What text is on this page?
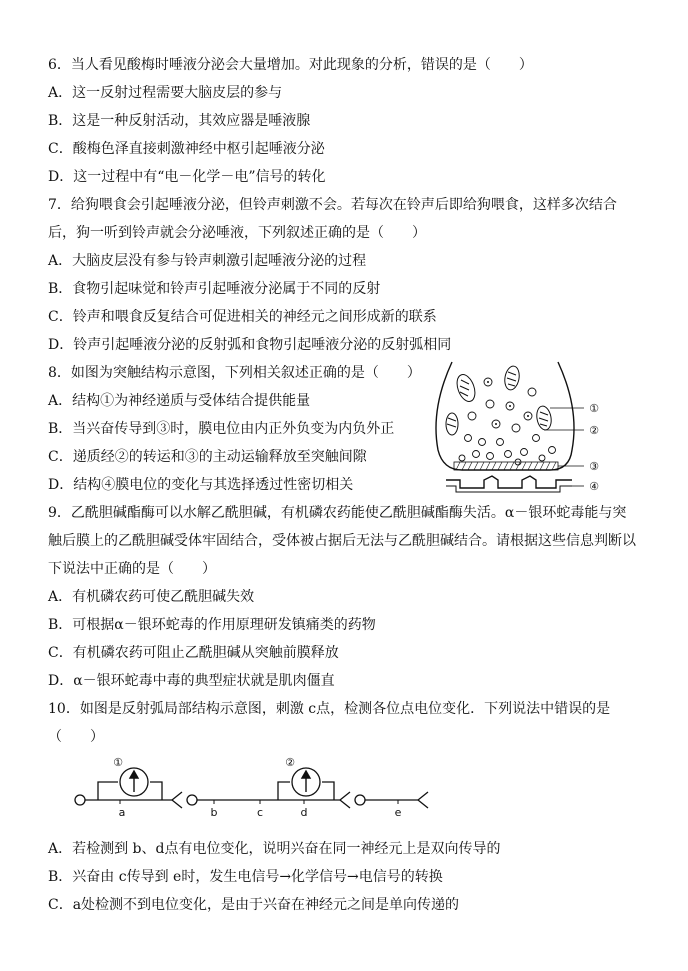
6．当人看见酸梅时唾液分泌会大量增加。对此现象的分析，错误的是（　　）
A．这一反射过程需要大脑皮层的参与
B．这是一种反射活动，其效应器是唾液腺
C．酸梅色泽直接刺激神经中枢引起唾液分泌
D．这一过程中有“电－化学－电”信号的转化
7．给狗喂食会引起唾液分泌，但铃声刺激不会。若每次在铃声后即给狗喂食，这样多次结合
后，狗一听到铃声就会分泌唾液，下列叙述正确的是（　　）
A．大脑皮层没有参与铃声刺激引起唾液分泌的过程
B．食物引起味觉和铃声引起唾液分泌属于不同的反射
C．铃声和喂食反复结合可促进相关的神经元之间形成新的联系
D．铃声引起唾液分泌的反射弧和食物引起唾液分泌的反射弧相同
8．如图为突触结构示意图，下列相关叙述正确的是（　　）
A．结构①为神经递质与受体结合提供能量
B．当兴奋传导到③时，膜电位由内正外负变为内负外正
C．递质经②的转运和③的主动运输释放至突触间隙
D．结构④膜电位的变化与其选择透过性密切相关
①
②
③
④
9．乙酰胆碱酯酶可以水解乙酰胆碱，有机磷农药能使乙酰胆碱酯酶失活。α－银环蛇毒能与突
触后膜上的乙酰胆碱受体牢固结合，受体被占据后无法与乙酰胆碱结合。请根据这些信息判断以
下说法中正确的是（　　）
A．有机磷农药可使乙酰胆碱失效
B．可根据α－银环蛇毒的作用原理研发镇痛类的药物
C．有机磷农药可阻止乙酰胆碱从突触前膜释放
D．α－银环蛇毒中毒的典型症状就是肌肉僵直
10．如图是反射弧局部结构示意图，刺激 c点，检测各位点电位变化．下列说法中错误的是
（　　）
①	②
a	b	c	d	e
A．若检测到 b、d点有电位变化，说明兴奋在同一神经元上是双向传导的
B．兴奋由 c传导到 e时，发生电信号→化学信号→电信号的转换
C．a处检测不到电位变化，是由于兴奋在神经元之间是单向传递的
